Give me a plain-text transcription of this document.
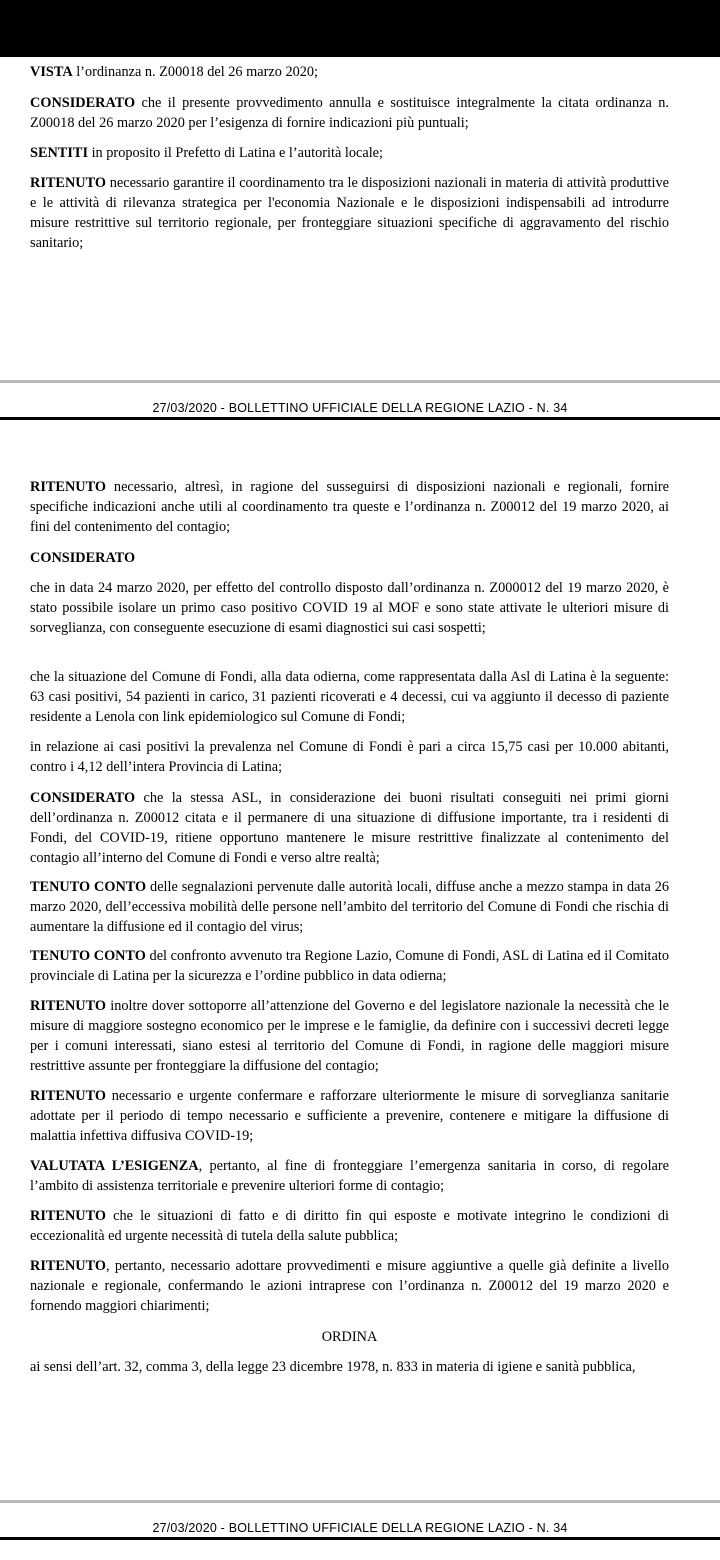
VISTA l’ordinanza n. Z00018 del 26 marzo 2020;

CONSIDERATO che il presente provvedimento annulla e sostituisce integralmente la citata ordinanza n. Z00018 del 26 marzo 2020 per l’esigenza di fornire indicazioni più puntuali;

SENTITI in proposito il Prefetto di Latina e l’autorità locale;

RITENUTO necessario garantire il coordinamento tra le disposizioni nazionali in materia di attività produttive e le attività di rilevanza strategica per l'economia Nazionale e le disposizioni indispensabili ad introdurre misure restrittive sul territorio regionale, per fronteggiare situazioni specifiche di aggravamento del rischio sanitario;

27/03/2020 - BOLLETTINO UFFICIALE DELLA REGIONE LAZIO - N. 34

RITENUTO necessario, altresì, in ragione del susseguirsi di disposizioni nazionali e regionali, fornire specifiche indicazioni anche utili al coordinamento tra queste e l’ordinanza n. Z00012 del 19 marzo 2020, ai fini del contenimento del contagio;

CONSIDERATO

che in data 24 marzo 2020, per effetto del controllo disposto dall’ordinanza n. Z000012 del 19 marzo 2020, è stato possibile isolare un primo caso positivo COVID 19 al MOF e sono state attivate le ulteriori misure di sorveglianza, con conseguente esecuzione di esami diagnostici sui casi sospetti;

che la situazione del Comune di Fondi, alla data odierna, come rappresentata dalla Asl di Latina è la seguente: 63 casi positivi, 54 pazienti in carico, 31 pazienti ricoverati e 4 decessi, cui va aggiunto il decesso di paziente residente a Lenola con link epidemiologico sul Comune di Fondi;

in relazione ai casi positivi la prevalenza nel Comune di Fondi è pari a circa 15,75 casi per 10.000 abitanti, contro i 4,12 dell’intera Provincia di Latina;

CONSIDERATO che la stessa ASL, in considerazione dei buoni risultati conseguiti nei primi giorni dell’ordinanza n. Z00012 citata e il permanere di una situazione di diffusione importante, tra i residenti di Fondi, del COVID-19, ritiene opportuno mantenere le misure restrittive finalizzate al contenimento del contagio all’interno del Comune di Fondi e verso altre realtà;

TENUTO CONTO delle segnalazioni pervenute dalle autorità locali, diffuse anche a mezzo stampa in data 26 marzo 2020, dell’eccessiva mobilità delle persone nell’ambito del territorio del Comune di Fondi che rischia di aumentare la diffusione ed il contagio del virus;

TENUTO CONTO del confronto avvenuto tra Regione Lazio, Comune di Fondi, ASL di Latina ed il Comitato provinciale di Latina per la sicurezza e l’ordine pubblico in data odierna;

RITENUTO inoltre dover sottoporre all’attenzione del Governo e del legislatore nazionale la necessità che le misure di maggiore sostegno economico per le imprese e le famiglie, da definire con i successivi decreti legge per i comuni interessati, siano estesi al territorio del Comune di Fondi, in ragione delle maggiori misure restrittive assunte per fronteggiare la diffusione del contagio;

RITENUTO necessario e urgente confermare e rafforzare ulteriormente le misure di sorveglianza sanitarie adottate per il periodo di tempo necessario e sufficiente a prevenire, contenere e mitigare la diffusione di malattia infettiva diffusiva COVID-19;

VALUTATA L’ESIGENZA, pertanto, al fine di fronteggiare l’emergenza sanitaria in corso, di regolare l’ambito di assistenza territoriale e prevenire ulteriori forme di contagio;

RITENUTO che le situazioni di fatto e di diritto fin qui esposte e motivate integrino le condizioni di eccezionalità ed urgente necessità di tutela della salute pubblica;

RITENUTO, pertanto, necessario adottare provvedimenti e misure aggiuntive a quelle già definite a livello nazionale e regionale, confermando le azioni intraprese con l’ordinanza n. Z00012 del 19 marzo 2020 e fornendo maggiori chiarimenti;

ORDINA

ai sensi dell’art. 32, comma 3, della legge 23 dicembre 1978, n. 833 in materia di igiene e sanità pubblica,

27/03/2020 - BOLLETTINO UFFICIALE DELLA REGIONE LAZIO - N. 34
